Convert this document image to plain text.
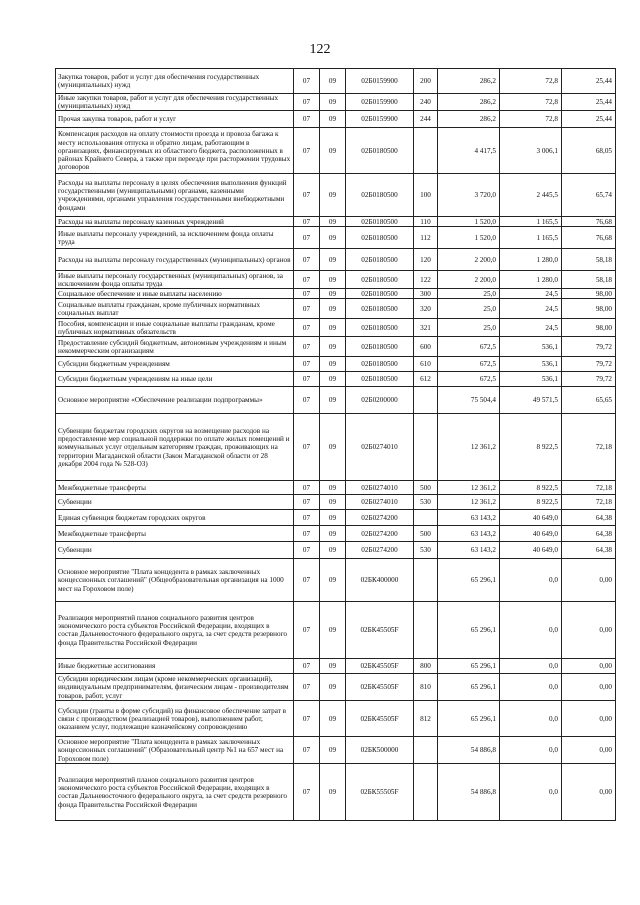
122
Закупка товаров, работ и услуг для обеспечения государственных (муниципальных) нужд	07	09	02Б0159900	200	286,2	72,8	25,44
Иные закупки товаров, работ и услуг для обеспечения государственных (муниципальных) нужд	07	09	02Б0159900	240	286,2	72,8	25,44
Прочая закупка товаров, работ и услуг	07	09	02Б0159900	244	286,2	72,8	25,44
Компенсация расходов на оплату стоимости проезда и провоза багажа к месту использования отпуска и обратно лицам, работающим в организациях, финансируемых из областного бюджета, расположенных в районах Крайнего Севера, а также при переезде при расторжении трудовых договоров	07	09	02Б0180500		4 417,5	3 006,1	68,05
Расходы на выплаты персоналу в целях обеспечения выполнения функций государственными (муниципальными) органами, казенными учреждениями, органами управления государственными внебюджетными фондами	07	09	02Б0180500	100	3 720,0	2 445,5	65,74
Расходы на выплаты персоналу казенных учреждений	07	09	02Б0180500	110	1 520,0	1 165,5	76,68
Иные выплаты персоналу учреждений, за исключением фонда оплаты труда	07	09	02Б0180500	112	1 520,0	1 165,5	76,68
Расходы на выплаты персоналу государственных (муниципальных) органов	07	09	02Б0180500	120	2 200,0	1 280,0	58,18
Иные выплаты персоналу государственных (муниципальных) органов, за исключением фонда оплаты труда	07	09	02Б0180500	122	2 200,0	1 280,0	58,18
Социальное обеспечение и иные выплаты населению	07	09	02Б0180500	300	25,0	24,5	98,00
Социальные выплаты гражданам, кроме публичных нормативных социальных выплат	07	09	02Б0180500	320	25,0	24,5	98,00
Пособия, компенсации и иные социальные выплаты гражданам, кроме публичных нормативных обязательств	07	09	02Б0180500	321	25,0	24,5	98,00
Предоставление субсидий бюджетным, автономным учреждениям и иным некоммерческим организациям	07	09	02Б0180500	600	672,5	536,1	79,72
Субсидии бюджетным учреждениям	07	09	02Б0180500	610	672,5	536,1	79,72
Субсидии бюджетным учреждениям на иные цели	07	09	02Б0180500	612	672,5	536,1	79,72
Основное мероприятие «Обеспечение реализации подпрограммы»	07	09	02Б0200000		75 504,4	49 571,5	65,65
Субвенции бюджетам городских округов на возмещение расходов на предоставление мер социальной поддержки по оплате жилых помещений и коммунальных услуг отдельным категориям граждан, проживающих на территории Магаданской области (Закон Магаданской области от 28 декабря 2004 года № 528-ОЗ)	07	09	02Б0274010		12 361,2	8 922,5	72,18
Межбюджетные трансферты	07	09	02Б0274010	500	12 361,2	8 922,5	72,18
Субвенции	07	09	02Б0274010	530	12 361,2	8 922,5	72,18
Единая субвенция бюджетам городских округов	07	09	02Б0274200		63 143,2	40 649,0	64,38
Межбюджетные трансферты	07	09	02Б0274200	500	63 143,2	40 649,0	64,38
Субвенции	07	09	02Б0274200	530	63 143,2	40 649,0	64,38
Основное мероприятие "Плата концедента в рамках заключенных концессионных соглашений" (Общеобразовательная организация на 1000 мест на Гороховом поле)	07	09	02БК400000		65 296,1	0,0	0,00
Реализация мероприятий планов социального развития центров экономического роста субъектов Российской Федерации, входящих в состав Дальневосточного федерального округа, за счет средств резервного фонда Правительства Российской Федерации	07	09	02БК45505F		65 296,1	0,0	0,00
Иные бюджетные ассигнования	07	09	02БК45505F	800	65 296,1	0,0	0,00
Субсидии юридическим лицам (кроме некоммерческих организаций), индивидуальным предпринимателям, физическим лицам - производителям товаров, работ, услуг	07	09	02БК45505F	810	65 296,1	0,0	0,00
Субсидии (гранты в форме субсидий) на финансовое обеспечение затрат в связи с производством (реализацией товаров), выполнением работ, оказанием услуг, подлежащие казначейскому сопровождению	07	09	02БК45505F	812	65 296,1	0,0	0,00
Основное мероприятие "Плата концедента в рамках заключенных концессионных соглашений" (Образовательный центр №1 на 657 мест на Гороховом поле)	07	09	02БК500000		54 886,8	0,0	0,00
Реализация мероприятий планов социального развития центров экономического роста субъектов Российской Федерации, входящих в состав Дальневосточного федерального округа, за счет средств резервного фонда Правительства Российской Федерации	07	09	02БК55505F		54 886,8	0,0	0,00
